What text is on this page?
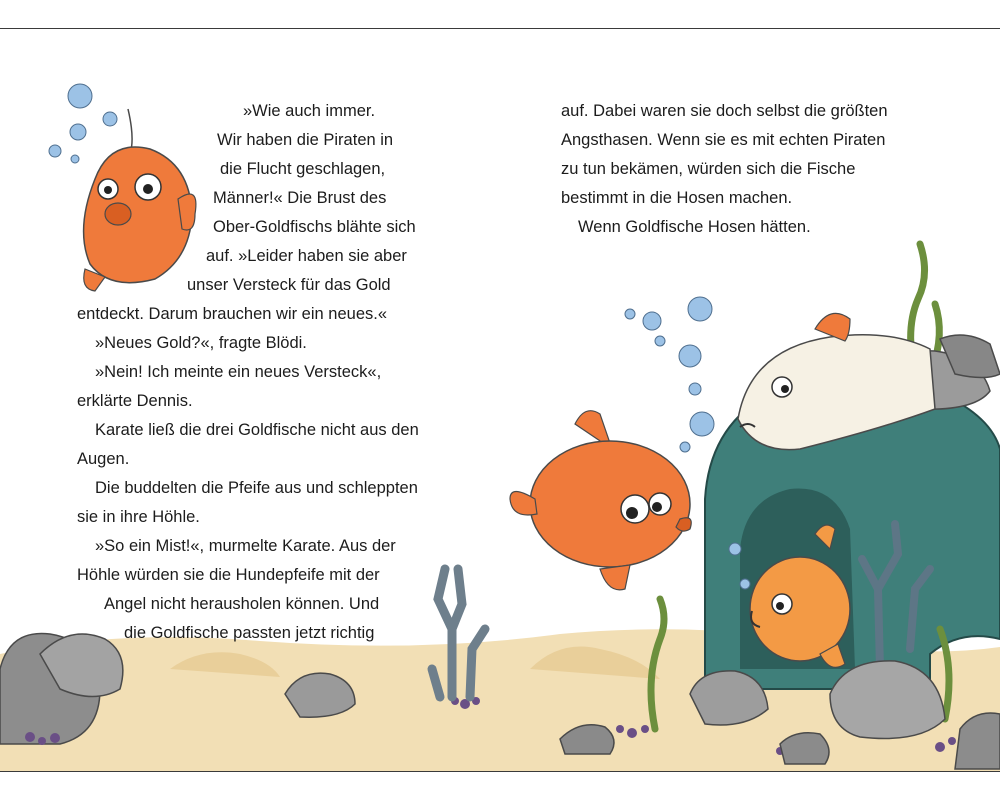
»Wie auch immer.

Wir haben die Piraten in

die Flucht geschlagen,

Männer!« Die Brust des

Ober-Goldfischs blähte sich

auf. »Leider haben sie aber

unser Versteck für das Gold

entdeckt. Darum brauchen wir ein neues.«

»Neues Gold?«, fragte Blödi.

»Nein! Ich meinte ein neues Versteck«,

erklärte Dennis.

Karate ließ die drei Goldfische nicht aus den

Augen.

Die buddelten die Pfeife aus und schleppten

sie in ihre Höhle.

»So ein Mist!«, murmelte Karate. Aus der

Höhle würden sie die Hundepfeife mit der

Angel nicht herausholen können. Und

die Goldfische passten jetzt richtig

auf. Dabei waren sie doch selbst die größten

Angsthasen. Wenn sie es mit echten Piraten

zu tun bekämen, würden sich die Fische

bestimmt in die Hosen machen.

Wenn Goldfische Hosen hätten.
